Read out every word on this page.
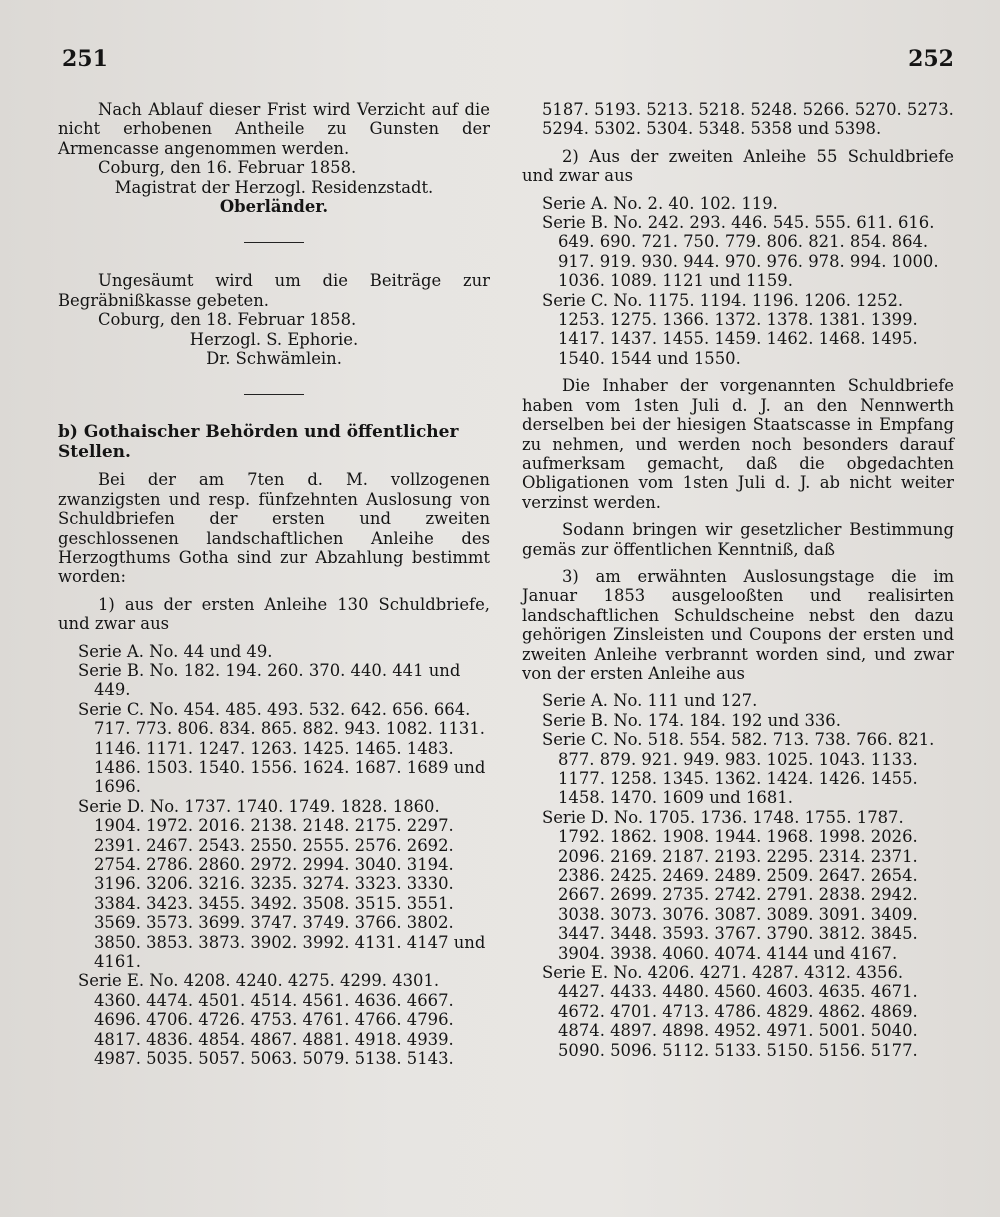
251	252

Nach Ablauf dieser Frist wird Verzicht auf die nicht erhobenen Antheile zu Gunsten der Armencasse angenommen werden.

Coburg, den 16. Februar 1858.

Magistrat der Herzogl. Residenzstadt.

Oberländer.

Ungesäumt wird um die Beiträge zur Begräbnißkasse gebeten.

Coburg, den 18. Februar 1858.

Herzogl. S. Ephorie.

Dr. Schwämlein.

b) Gothaischer Behörden und öffentlicher Stellen.

Bei der am 7ten d. M. vollzogenen zwanzigsten und resp. fünfzehnten Auslosung von Schuldbriefen der ersten und zweiten geschlossenen landschaftlichen Anleihe des Herzogthums Gotha sind zur Abzahlung bestimmt worden:

1) aus der ersten Anleihe 130 Schuldbriefe, und zwar aus

Serie A. No. 44 und 49.

Serie B. No. 182. 194. 260. 370. 440. 441 und 449.

Serie C. No. 454. 485. 493. 532. 642. 656. 664. 717. 773. 806. 834. 865. 882. 943. 1082. 1131. 1146. 1171. 1247. 1263. 1425. 1465. 1483. 1486. 1503. 1540. 1556. 1624. 1687. 1689 und 1696.

Serie D. No. 1737. 1740. 1749. 1828. 1860. 1904. 1972. 2016. 2138. 2148. 2175. 2297. 2391. 2467. 2543. 2550. 2555. 2576. 2692. 2754. 2786. 2860. 2972. 2994. 3040. 3194. 3196. 3206. 3216. 3235. 3274. 3323. 3330. 3384. 3423. 3455. 3492. 3508. 3515. 3551. 3569. 3573. 3699. 3747. 3749. 3766. 3802. 3850. 3853. 3873. 3902. 3992. 4131. 4147 und 4161.

Serie E. No. 4208. 4240. 4275. 4299. 4301. 4360. 4474. 4501. 4514. 4561. 4636. 4667. 4696. 4706. 4726. 4753. 4761. 4766. 4796. 4817. 4836. 4854. 4867. 4881. 4918. 4939. 4987. 5035. 5057. 5063. 5079. 5138. 5143.

5187. 5193. 5213. 5218. 5248. 5266. 5270. 5273. 5294. 5302. 5304. 5348. 5358 und 5398.

2) Aus der zweiten Anleihe 55 Schuldbriefe und zwar aus

Serie A. No. 2. 40. 102. 119.

Serie B. No. 242. 293. 446. 545. 555. 611. 616. 649. 690. 721. 750. 779. 806. 821. 854. 864. 917. 919. 930. 944. 970. 976. 978. 994. 1000. 1036. 1089. 1121 und 1159.

Serie C. No. 1175. 1194. 1196. 1206. 1252. 1253. 1275. 1366. 1372. 1378. 1381. 1399. 1417. 1437. 1455. 1459. 1462. 1468. 1495. 1540. 1544 und 1550.

Die Inhaber der vorgenannten Schuldbriefe haben vom 1sten Juli d. J. an den Nennwerth derselben bei der hiesigen Staatscasse in Empfang zu nehmen, und werden noch besonders darauf aufmerksam gemacht, daß die obgedachten Obligationen vom 1sten Juli d. J. ab nicht weiter verzinst werden.

Sodann bringen wir gesetzlicher Bestimmung gemäs zur öffentlichen Kenntniß, daß

3) am erwähnten Auslosungstage die im Januar 1853 ausgelooßten und realisirten landschaftlichen Schuldscheine nebst den dazu gehörigen Zinsleisten und Coupons der ersten und zweiten Anleihe verbrannt worden sind, und zwar von der ersten Anleihe aus

Serie A. No. 111 und 127.

Serie B. No. 174. 184. 192 und 336.

Serie C. No. 518. 554. 582. 713. 738. 766. 821. 877. 879. 921. 949. 983. 1025. 1043. 1133. 1177. 1258. 1345. 1362. 1424. 1426. 1455. 1458. 1470. 1609 und 1681.

Serie D. No. 1705. 1736. 1748. 1755. 1787. 1792. 1862. 1908. 1944. 1968. 1998. 2026. 2096. 2169. 2187. 2193. 2295. 2314. 2371. 2386. 2425. 2469. 2489. 2509. 2647. 2654. 2667. 2699. 2735. 2742. 2791. 2838. 2942. 3038. 3073. 3076. 3087. 3089. 3091. 3409. 3447. 3448. 3593. 3767. 3790. 3812. 3845. 3904. 3938. 4060. 4074. 4144 und 4167.

Serie E. No. 4206. 4271. 4287. 4312. 4356. 4427. 4433. 4480. 4560. 4603. 4635. 4671. 4672. 4701. 4713. 4786. 4829. 4862. 4869. 4874. 4897. 4898. 4952. 4971. 5001. 5040. 5090. 5096. 5112. 5133. 5150. 5156. 5177.
